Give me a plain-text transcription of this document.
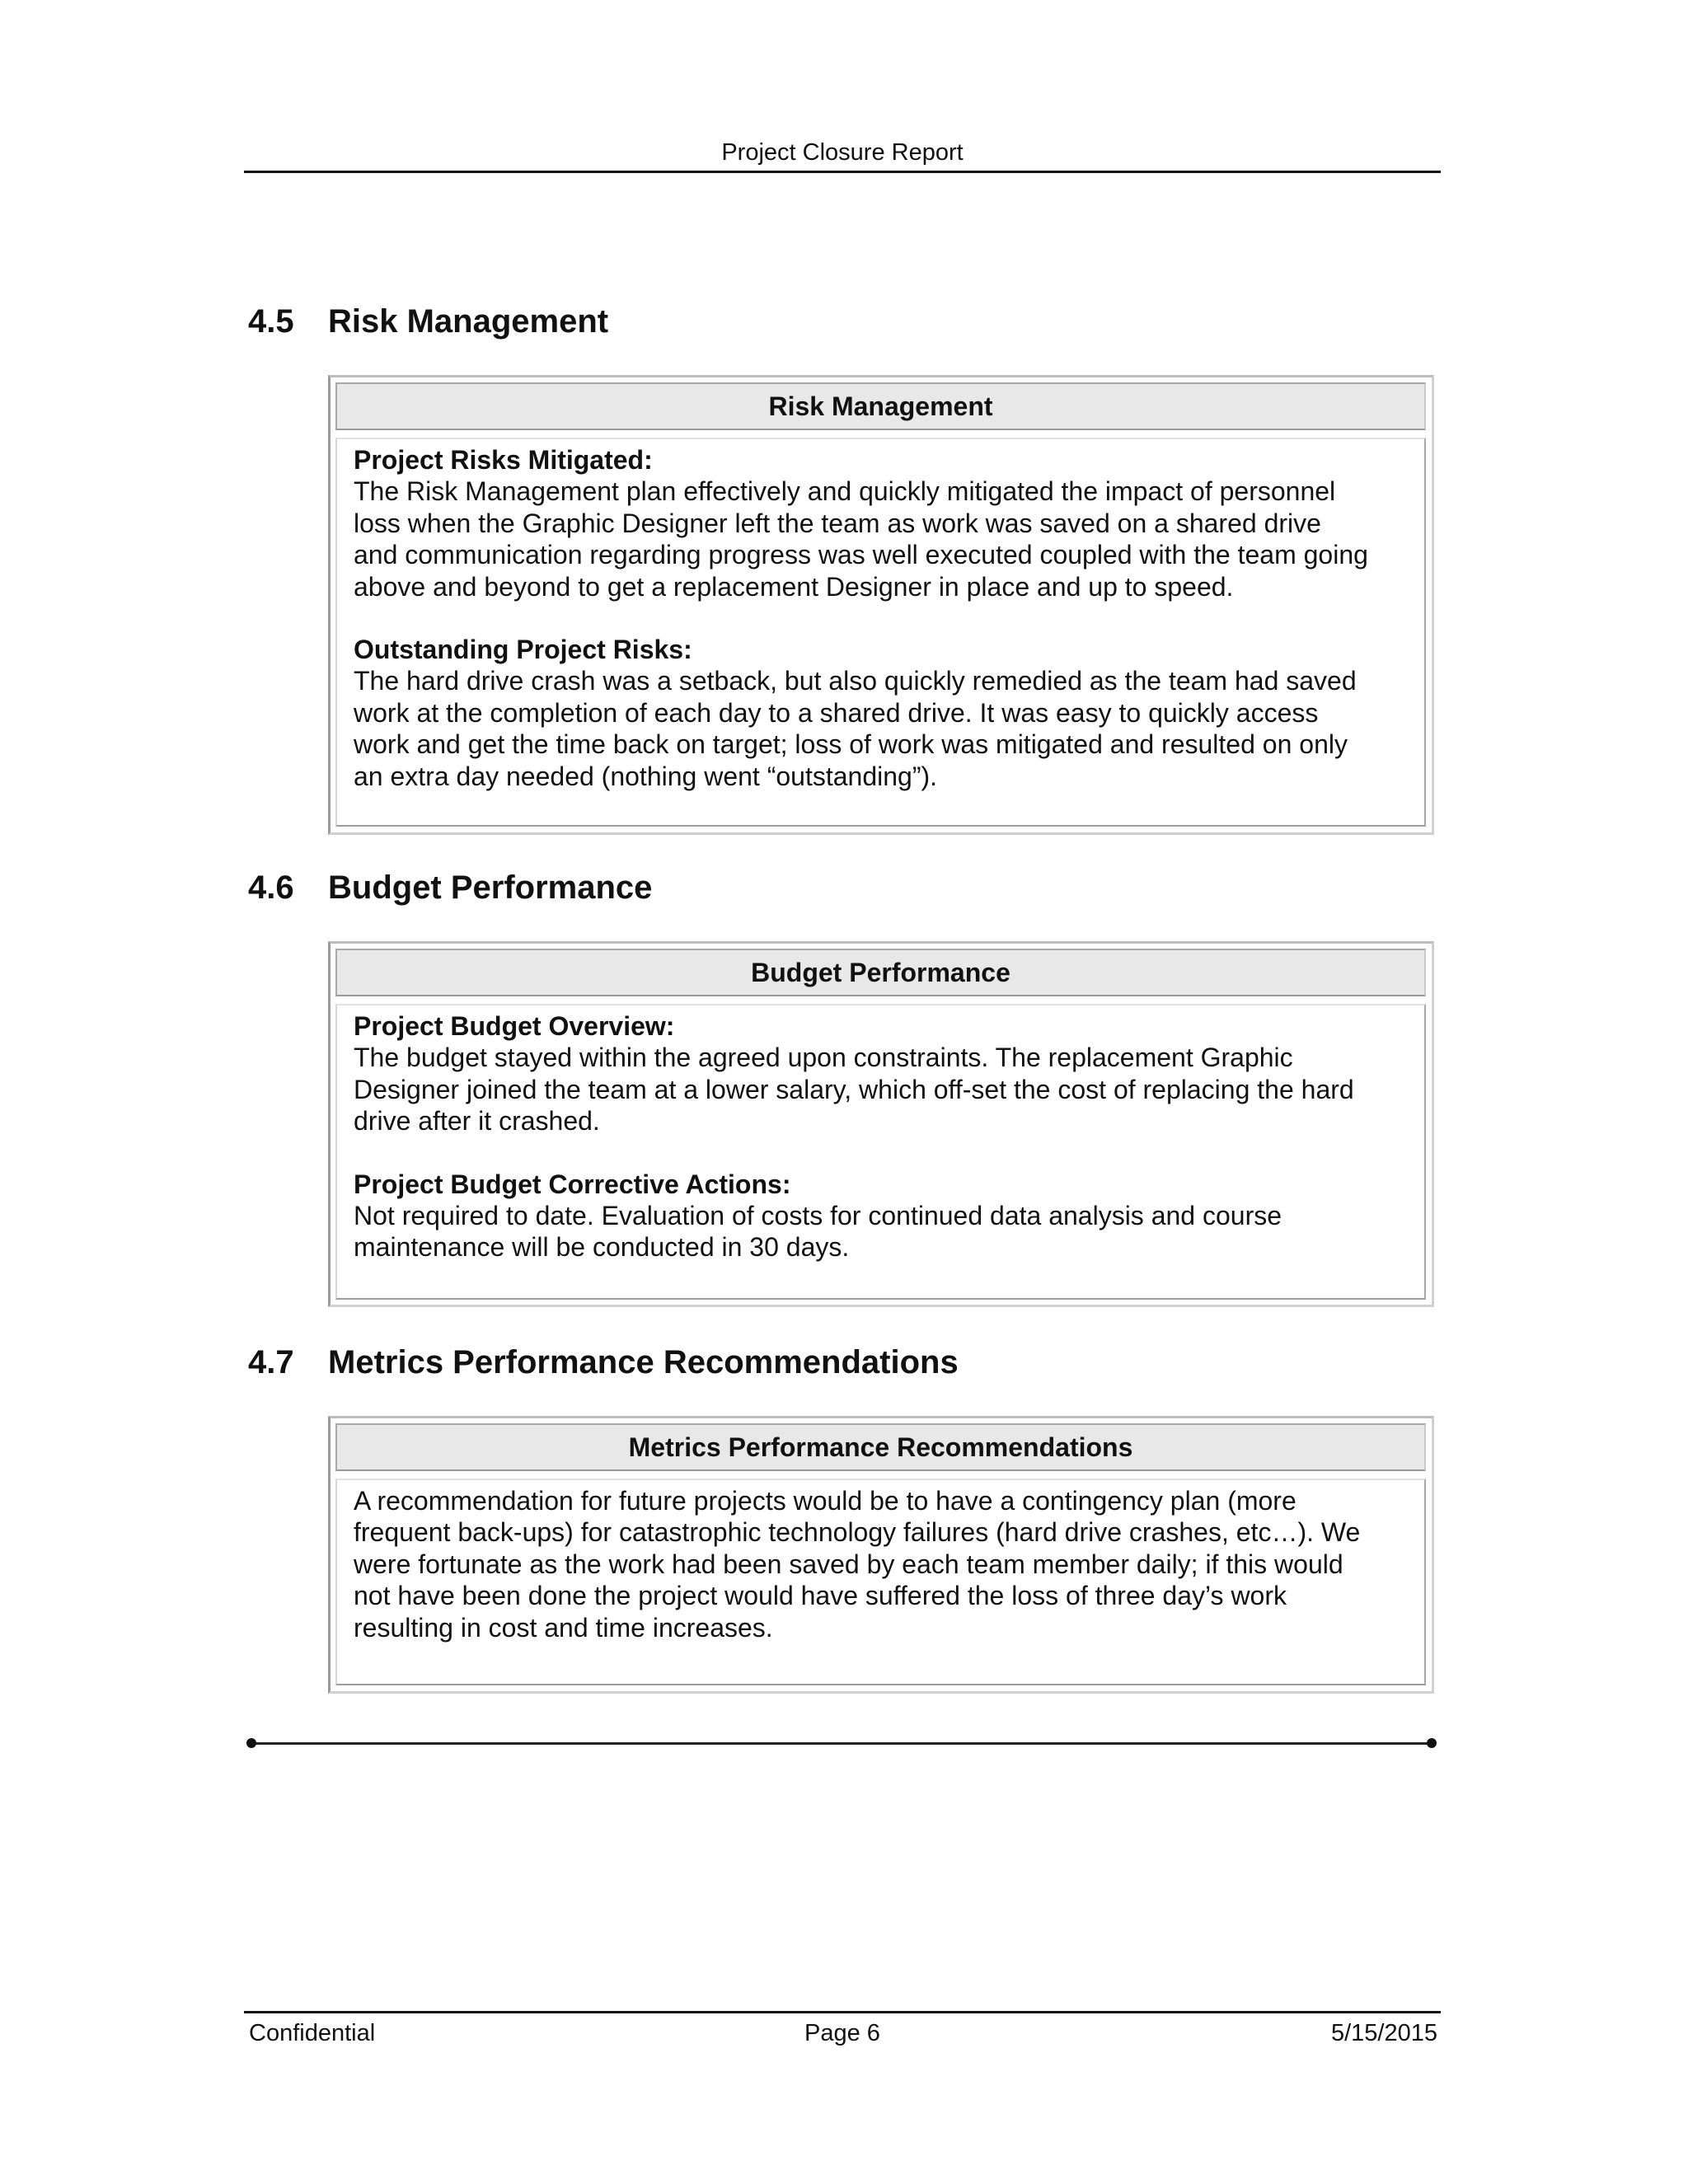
Project Closure Report
4.5 Risk Management
Risk Management

Project Risks Mitigated:

The Risk Management plan effectively and quickly mitigated the impact of personnel

loss when the Graphic Designer left the team as work was saved on a shared drive

and communication regarding progress was well executed coupled with the team going

above and beyond to get a replacement Designer in place and up to speed.

Outstanding Project Risks:

The hard drive crash was a setback, but also quickly remedied as the team had saved

work at the completion of each day to a shared drive. It was easy to quickly access

work and get the time back on target; loss of work was mitigated and resulted on only

an extra day needed (nothing went “outstanding”).

4.6 Budget Performance
Budget Performance

Project Budget Overview:

The budget stayed within the agreed upon constraints. The replacement Graphic

Designer joined the team at a lower salary, which off-set the cost of replacing the hard

drive after it crashed.

Project Budget Corrective Actions:

Not required to date. Evaluation of costs for continued data analysis and course

maintenance will be conducted in 30 days.

4.7 Metrics Performance Recommendations
Metrics Performance Recommendations

A recommendation for future projects would be to have a contingency plan (more

frequent back-ups) for catastrophic technology failures (hard drive crashes, etc…). We

were fortunate as the work had been saved by each team member daily; if this would

not have been done the project would have suffered the loss of three day’s work

resulting in cost and time increases.

Confidential	Page 6	5/15/2015
